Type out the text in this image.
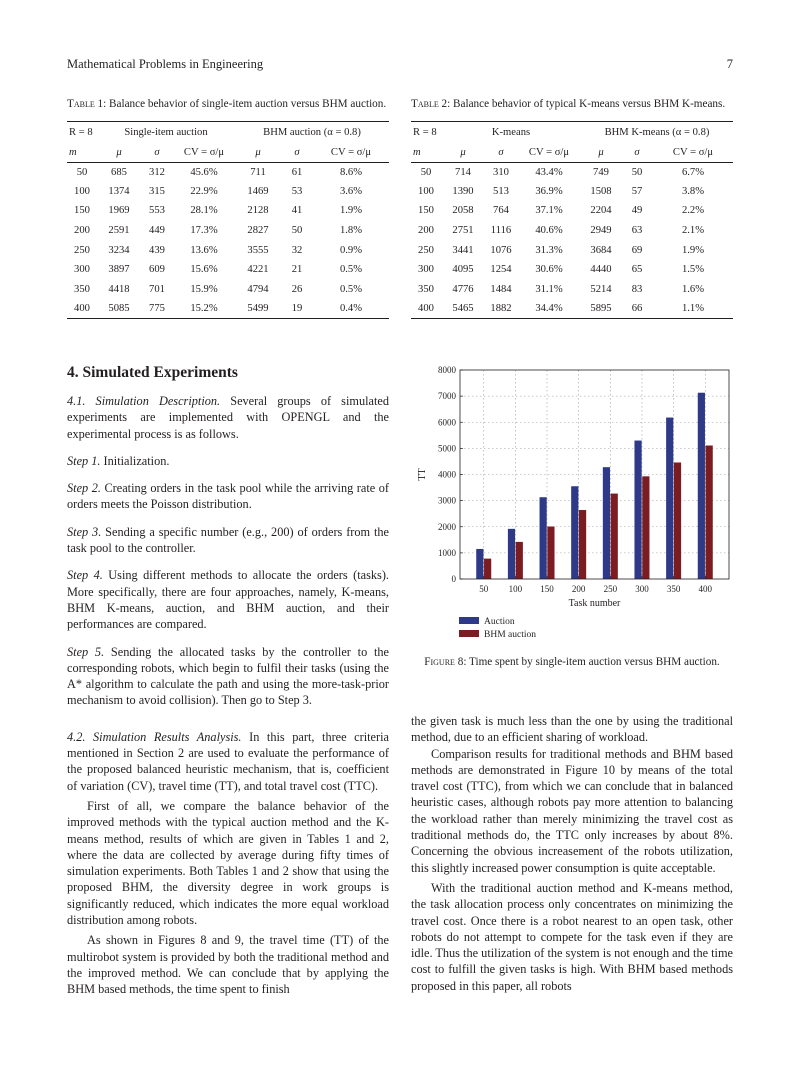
Mathematical Problems in Engineering	7
Table 1: Balance behavior of single-item auction versus BHM auction.
R = 8	Single-item auction			BHM auction (α = 0.8)		
m	μ	σ	CV = σ/μ	μ	σ	CV = σ/μ
50	685	312	45.6%	711	61	8.6%
100	1374	315	22.9%	1469	53	3.6%
150	1969	553	28.1%	2128	41	1.9%
200	2591	449	17.3%	2827	50	1.8%
250	3234	439	13.6%	3555	32	0.9%
300	3897	609	15.6%	4221	21	0.5%
350	4418	701	15.9%	4794	26	0.5%
400	5085	775	15.2%	5499	19	0.4%
Table 2: Balance behavior of typical K-means versus BHM K-means.
R = 8	K-means			BHM K-means (α = 0.8)		
m	μ	σ	CV = σ/μ	μ	σ	CV = σ/μ
50	714	310	43.4%	749	50	6.7%
100	1390	513	36.9%	1508	57	3.8%
150	2058	764	37.1%	2204	49	2.2%
200	2751	1116	40.6%	2949	63	2.1%
250	3441	1076	31.3%	3684	69	1.9%
300	4095	1254	30.6%	4440	65	1.5%
350	4776	1484	31.1%	5214	83	1.6%
400	5465	1882	34.4%	5895	66	1.1%
4. Simulated Experiments

4.1. Simulation Description. Several groups of simulated experiments are implemented with OPENGL and the experimental process is as follows.

Step 1. Initialization.

Step 2. Creating orders in the task pool while the arriving rate of orders meets the Poisson distribution.

Step 3. Sending a specific number (e.g., 200) of orders from the task pool to the controller.

Step 4. Using different methods to allocate the orders (tasks). More specifically, there are four approaches, namely, K-means, BHM K-means, auction, and BHM auction, and their performances are compared.

Step 5. Sending the allocated tasks by the controller to the corresponding robots, which begin to fulfil their tasks (using the A* algorithm to calculate the path and using the more-task-prior mechanism to avoid collision). Then go to Step 3.

4.2. Simulation Results Analysis. In this part, three criteria mentioned in Section 2 are used to evaluate the performance of the proposed balanced heuristic mechanism, that is, coefficient of variation (CV), travel time (TT), and total travel cost (TTC).

First of all, we compare the balance behavior of the improved methods with the typical auction method and the K-means method, results of which are given in Tables 1 and 2, where the data are collected by average during fifty times of simulation experiments. Both Tables 1 and 2 show that using the proposed BHM, the diversity degree in work groups is significantly reduced, which indicates the more equal workload distribution among robots.

As shown in Figures 8 and 9, the travel time (TT) of the multirobot system is provided by both the traditional method and the improved method. We can conclude that by applying the BHM based methods, the time spent to finish

0
1000
2000
3000
4000
5000
6000
7000
8000
50 100 150 200 250 300 350 400
Task number
TT
Auction
BHM auction
Figure 8: Time spent by single-item auction versus BHM auction.

the given task is much less than the one by using the traditional method, due to an efficient sharing of workload.

Comparison results for traditional methods and BHM based methods are demonstrated in Figure 10 by means of the total travel cost (TTC), from which we can conclude that in balanced heuristic cases, although robots pay more attention to balancing the workload rather than merely minimizing the travel cost as traditional methods do, the TTC only increases by about 8%. Concerning the obvious increasement of the robots utilization, this slightly increased power consumption is quite acceptable.

With the traditional auction method and K-means method, the task allocation process only concentrates on minimizing the travel cost. Once there is a robot nearest to an open task, other robots do not attempt to compete for the task even if they are idle. Thus the utilization of the system is not enough and the time cost to fulfill the given tasks is high. With BHM based methods proposed in this paper, all robots
